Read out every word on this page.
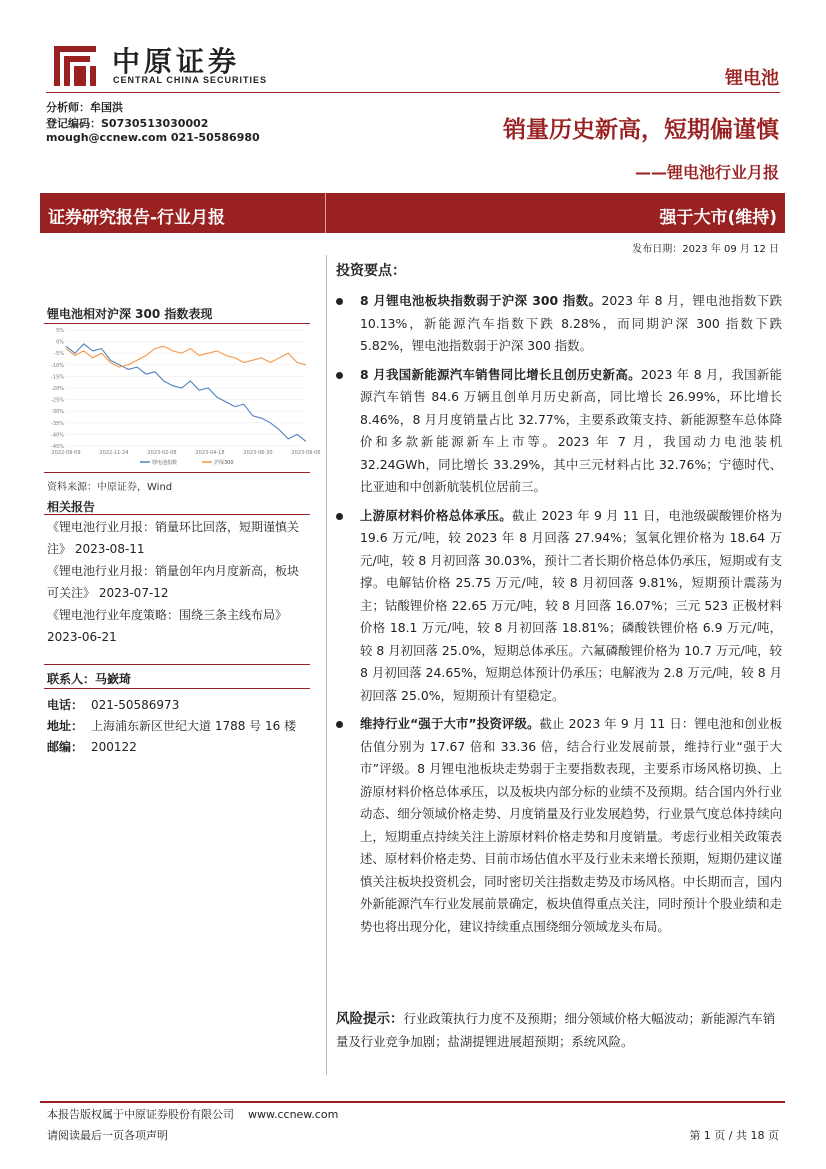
中原证券
CENTRAL CHINA SECURITIES	锂电池
分析师：牟国洪
登记编码：S0730513030002
mough@ccnew.com 021-50586980	销量历史新高，短期偏谨慎
——锂电池行业月报
证券研究报告-行业月报	强于大市(维持)
发布日期：2023 年 09 月 12 日
投资要点：
锂电池相对沪深 300 指数表现
5%
0%
-5%
-10%
-15%
-20%
-25%
-30%
-35%
-40%
-45%
2022-09-09	2022-11-24	2023-02-08	2023-04-18	2023-06-30	2023-09-06
锂电池指数	沪深300
资料来源：中原证券，Wind
相关报告
《锂电池行业月报：销量环比回落，短期谨慎关注》 2023-08-11
《锂电池行业月报：销量创年内月度新高，板块可关注》 2023-07-12
《锂电池行业年度策略：围绕三条主线布局》 2023-06-21
联系人：马嶔琦
电话： 021-50586973
地址： 上海浦东新区世纪大道 1788 号 16 楼
邮编： 200122
8 月锂电池板块指数弱于沪深 300 指数。2023 年 8 月，锂电池指数下跌 10.13%，新能源汽车指数下跌 8.28%，而同期沪深 300 指数下跌 5.82%，锂电池指数弱于沪深 300 指数。
8 月我国新能源汽车销售同比增长且创历史新高。2023 年 8 月，我国新能源汽车销售 84.6 万辆且创单月历史新高，同比增长 26.99%，环比增长 8.46%，8 月月度销量占比 32.77%，主要系政策支持、新能源整车总体降价和多款新能源新车上市等。2023 年 7 月，我国动力电池装机 32.24GWh，同比增长 33.29%，其中三元材料占比 32.76%；宁德时代、比亚迪和中创新航装机位居前三。
上游原材料价格总体承压。截止 2023 年 9 月 11 日，电池级碳酸锂价格为 19.6 万元/吨，较 2023 年 8 月回落 27.94%；氢氧化锂价格为 18.64 万元/吨，较 8 月初回落 30.03%，预计二者长期价格总体仍承压，短期或有支撑。电解钴价格 25.75 万元/吨，较 8 月初回落 9.81%，短期预计震荡为主；钴酸锂价格 22.65 万元/吨，较 8 月回落 16.07%；三元 523 正极材料价格 18.1 万元/吨，较 8 月初回落 18.81%；磷酸铁锂价格 6.9 万元/吨，较 8 月初回落 25.0%，短期总体承压。六氟磷酸锂价格为 10.7 万元/吨，较 8 月初回落 24.65%，短期总体预计仍承压；电解液为 2.8 万元/吨，较 8 月初回落 25.0%，短期预计有望稳定。
维持行业“强于大市”投资评级。截止 2023 年 9 月 11 日：锂电池和创业板估值分别为 17.67 倍和 33.36 倍，结合行业发展前景，维持行业“强于大市”评级。8 月锂电池板块走势弱于主要指数表现，主要系市场风格切换、上游原材料价格总体承压，以及板块内部分标的业绩不及预期。结合国内外行业动态、细分领域价格走势、月度销量及行业发展趋势，行业景气度总体持续向上，短期重点持续关注上游原材料价格走势和月度销量。考虑行业相关政策表述、原材料价格走势、目前市场估值水平及行业未来增长预期，短期仍建议谨慎关注板块投资机会，同时密切关注指数走势及市场风格。中长期而言，国内外新能源汽车行业发展前景确定，板块值得重点关注，同时预计个股业绩和走势也将出现分化，建议持续重点围绕细分领域龙头布局。
风险提示：行业政策执行力度不及预期；细分领域价格大幅波动；新能源汽车销量及行业竞争加剧；盐湖提锂进展超预期；系统风险。
本报告版权属于中原证券股份有限公司 www.ccnew.com
请阅读最后一页各项声明	第 1 页 / 共 18 页
